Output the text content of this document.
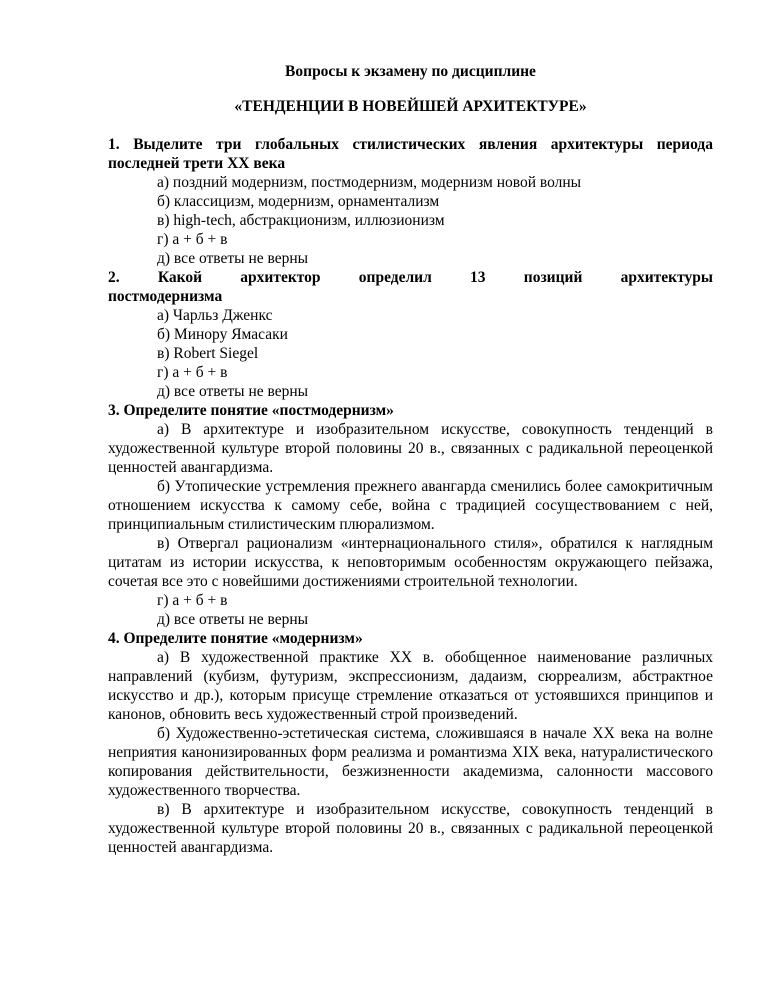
Вопросы к экзамену по дисциплине
«ТЕНДЕНЦИИ В НОВЕЙШЕЙ АРХИТЕКТУРЕ»
1. Выделите три глобальных стилистических явления архитектуры периода последней трети XX века
а) поздний модернизм, постмодернизм, модернизм новой волны
б) классицизм, модернизм, орнаментализм
в) high-tech, абстракционизм, иллюзионизм
г) а + б + в
д) все ответы не верны
2. Какой архитектор определил 13 позиций архитектуры
постмодернизма
а) Чарльз Дженкс
б) Минору Ямасаки
в) Robert Siegel
г) а + б + в
д) все ответы не верны
3. Определите понятие «постмодернизм»
а) В архитектуре и изобразительном искусстве, совокупность тенденций в художественной культуре второй половины 20 в., связанных с радикальной переоценкой ценностей авангардизма.
б) Утопические устремления прежнего авангарда сменились более самокритичным отношением искусства к самому себе, война с традицией сосуществованием с ней, принципиальным стилистическим плюрализмом.
в) Отвергал рационализм «интернационального стиля», обратился к наглядным цитатам из истории искусства, к неповторимым особенностям окружающего пейзажа, сочетая все это с новейшими достижениями строительной технологии.
г) а + б + в
д) все ответы не верны
4. Определите понятие «модернизм»
а) В художественной практике XX в. обобщенное наименование различных направлений (кубизм, футуризм, экспрессионизм, дадаизм, сюрреализм, абстрактное искусство и др.), которым присуще стремление отказаться от устоявшихся принципов и канонов, обновить весь художественный строй произведений.
б) Художественно-эстетическая система, сложившаяся в начале XX века на волне неприятия канонизированных форм реализма и романтизма XIX века, натуралистического копирования действительности, безжизненности академизма, салонности массового художественного творчества.
в) В архитектуре и изобразительном искусстве, совокупность тенденций в художественной культуре второй половины 20 в., связанных с радикальной переоценкой ценностей авангардизма.
